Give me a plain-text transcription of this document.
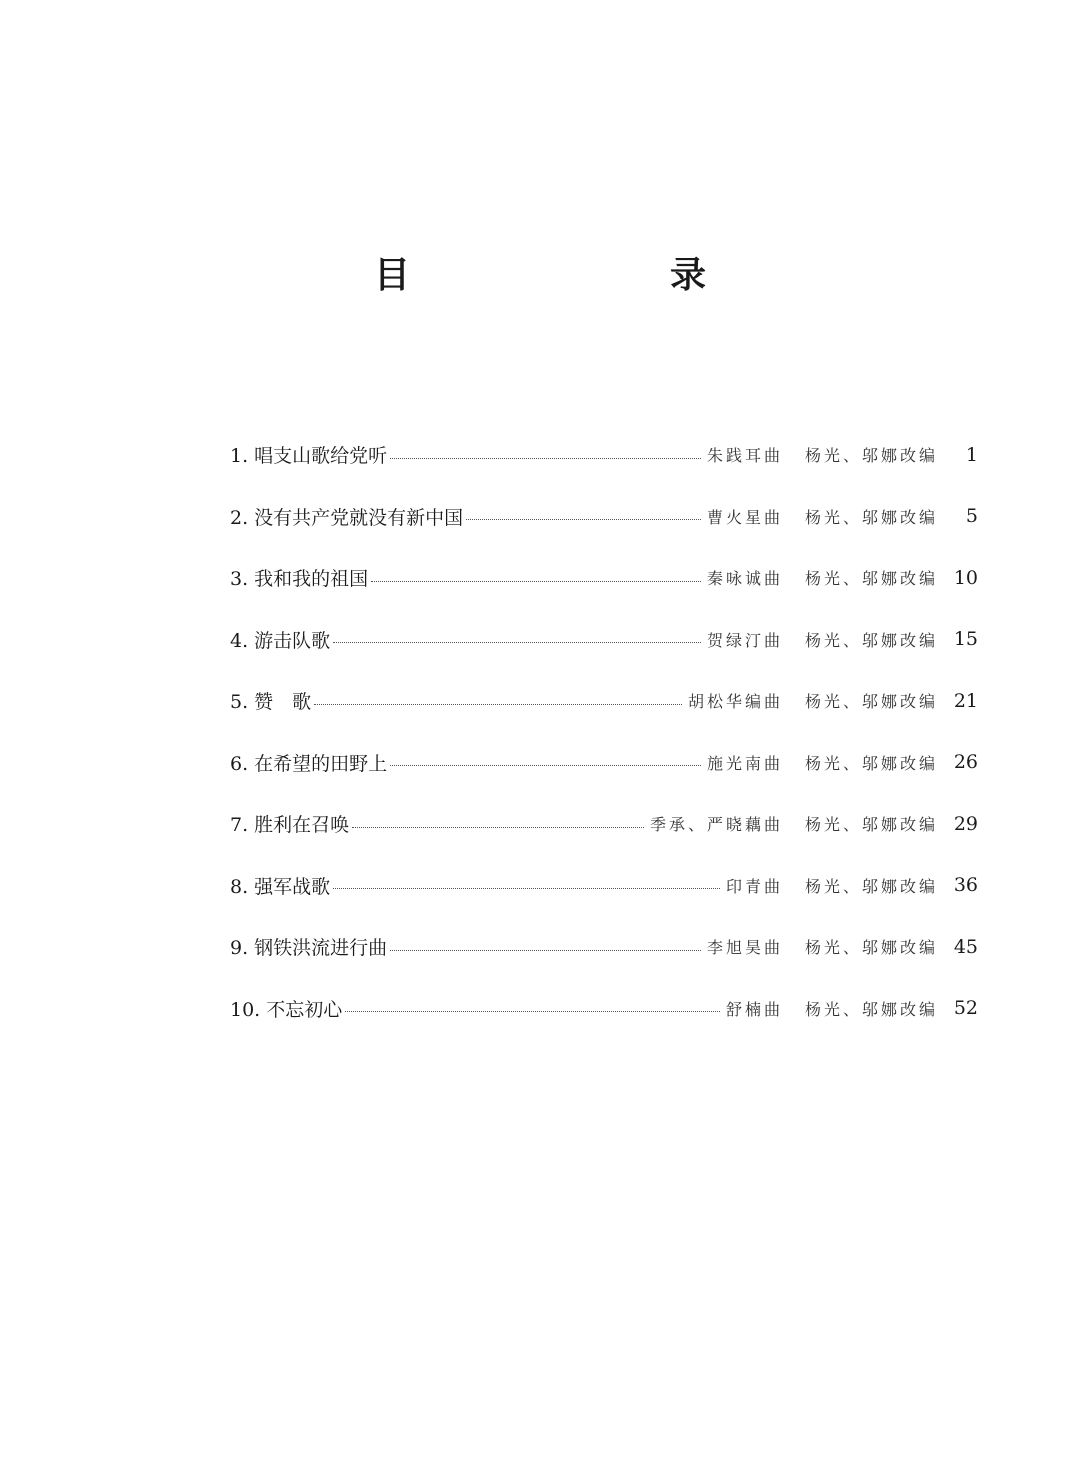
目　录
1. 唱支山歌给党听	朱践耳曲 杨光、邬娜改编	1
2. 没有共产党就没有新中国	曹火星曲 杨光、邬娜改编	5
3. 我和我的祖国	秦咏诚曲 杨光、邬娜改编 10
4. 游击队歌	贺绿汀曲 杨光、邬娜改编 15
5. 赞　歌	胡松华编曲 杨光、邬娜改编 21
6. 在希望的田野上	施光南曲 杨光、邬娜改编 26
7. 胜利在召唤	季承、严晓藕曲 杨光、邬娜改编 29
8. 强军战歌	印青曲 杨光、邬娜改编 36
9. 钢铁洪流进行曲	李旭昊曲 杨光、邬娜改编 45
10. 不忘初心	舒楠曲 杨光、邬娜改编 52
